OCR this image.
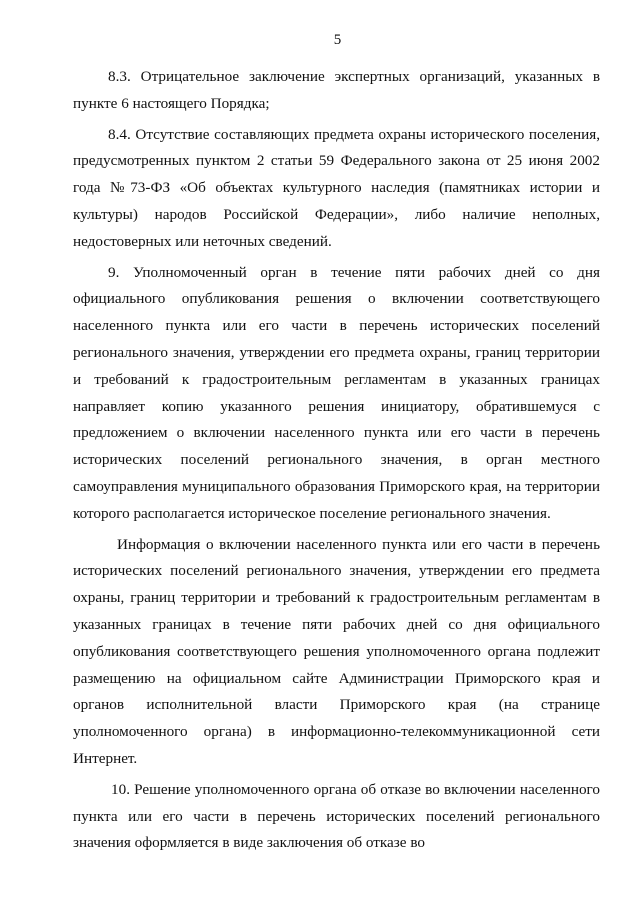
5

8.3. Отрицательное заключение экспертных организаций, указанных в пункте 6 настоящего Порядка;

8.4. Отсутствие составляющих предмета охраны исторического поселения, предусмотренных пунктом 2 статьи 59 Федерального закона от 25 июня 2002 года №73-ФЗ «Об объектах культурного наследия (памятниках истории и культуры) народов Российской Федерации», либо наличие неполных, недостоверных или неточных сведений.

9. Уполномоченный орган в течение пяти рабочих дней со дня официального опубликования решения о включении соответствующего населенного пункта или его части в перечень исторических поселений регионального значения, утверждении его предмета охраны, границ территории и требований к градостроительным регламентам в указанных границах направляет копию указанного решения инициатору, обратившемуся с предложением о включении населенного пункта или его части в перечень исторических поселений регионального значения, в орган местного самоуправления муниципального образования Приморского края, на территории которого располагается историческое поселение регионального значения.

Информация о включении населенного пункта или его части в перечень исторических поселений регионального значения, утверждении его предмета охраны, границ территории и требований к градостроительным регламентам в указанных границах в течение пяти рабочих дней со дня официального опубликования соответствующего решения уполномоченного органа подлежит размещению на официальном сайте Администрации Приморского края и органов исполнительной власти Приморского края (на странице уполномоченного органа) в информационно-телекоммуникационной сети Интернет.

10. Решение уполномоченного органа об отказе во включении населенного пункта или его части в перечень исторических поселений регионального значения оформляется в виде заключения об отказе во
